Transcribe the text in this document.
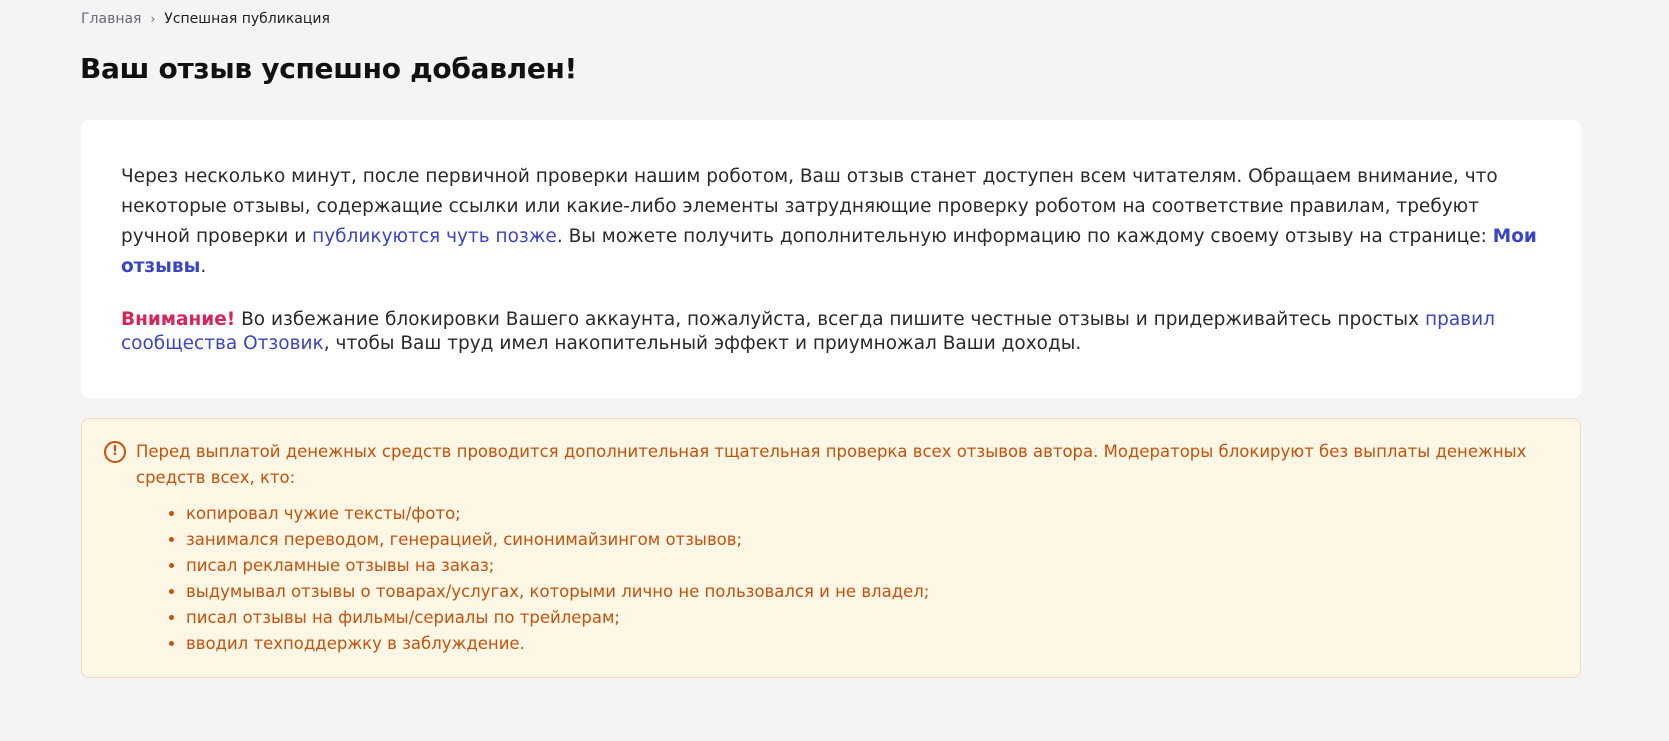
Главная › Успешная публикация
Ваш отзыв успешно добавлен!

Через несколько минут, после первичной проверки нашим роботом, Ваш отзыв станет доступен всем читателям. Обращаем внимание, что некоторые отзывы, содержащие ссылки или какие-либо элементы затрудняющие проверку роботом на соответствие правилам, требуют ручной проверки и публикуются чуть позже. Вы можете получить дополнительную информацию по каждому своему отзыву на странице: Мои отзывы.

Внимание! Во избежание блокировки Вашего аккаунта, пожалуйста, всегда пишите честные отзывы и придерживайтесь простых правил сообщества Отзовик, чтобы Ваш труд имел накопительный эффект и приумножал Ваши доходы.

!	Перед выплатой денежных средств проводится дополнительная тщательная проверка всех отзывов автора. Модераторы блокируют без выплаты денежных средств всех, кто:

• копировал чужие тексты/фото;
• занимался переводом, генерацией, синонимайзингом отзывов;
• писал рекламные отзывы на заказ;
• выдумывал отзывы о товарах/услугах, которыми лично не пользовался и не владел;
• писал отзывы на фильмы/сериалы по трейлерам;
• вводил техподдержку в заблуждение.
